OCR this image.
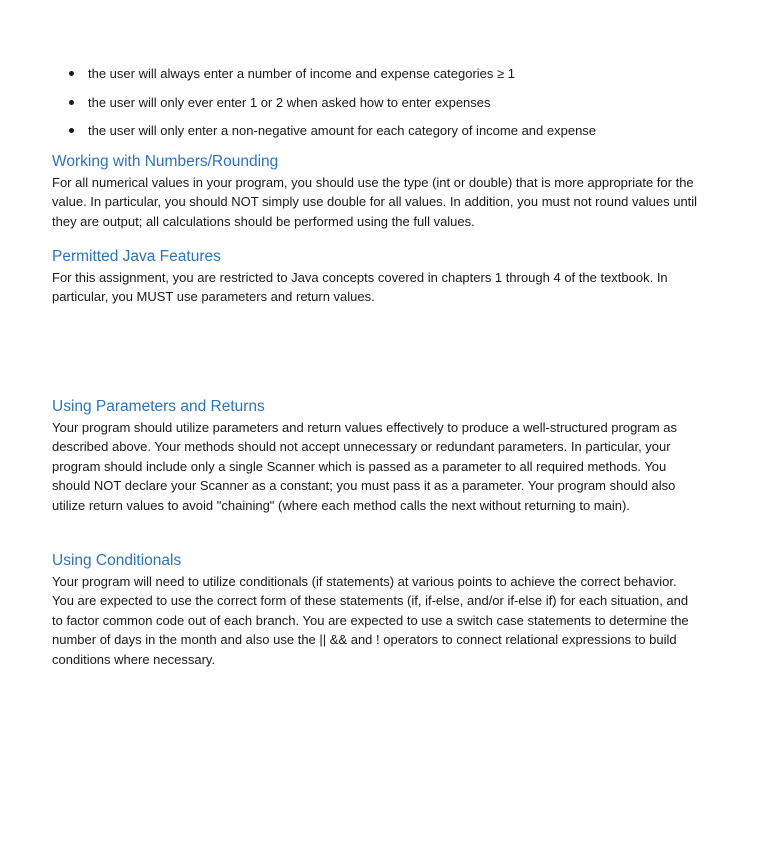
the user will always enter a number of income and expense categories ≥ 1
the user will only ever enter 1 or 2 when asked how to enter expenses
the user will only enter a non-negative amount for each category of income and expense
Working with Numbers/Rounding

For all numerical values in your program, you should use the type (int or double) that is more appropriate for the value. In particular, you should NOT simply use double for all values. In addition, you must not round values until they are output; all calculations should be performed using the full values.

Permitted Java Features

For this assignment, you are restricted to Java concepts covered in chapters 1 through 4 of the textbook. In particular, you MUST use parameters and return values.

Using Parameters and Returns

Your program should utilize parameters and return values effectively to produce a well-structured program as described above. Your methods should not accept unnecessary or redundant parameters. In particular, your program should include only a single Scanner which is passed as a parameter to all required methods. You should NOT declare your Scanner as a constant; you must pass it as a parameter. Your program should also utilize return values to avoid "chaining" (where each method calls the next without returning to main).

Using Conditionals

Your program will need to utilize conditionals (if statements) at various points to achieve the correct behavior. You are expected to use the correct form of these statements (if, if-else, and/or if-else if) for each situation, and to factor common code out of each branch. You are expected to use a switch case statements to determine the number of days in the month and also use the || && and ! operators to connect relational expressions to build conditions where necessary.
